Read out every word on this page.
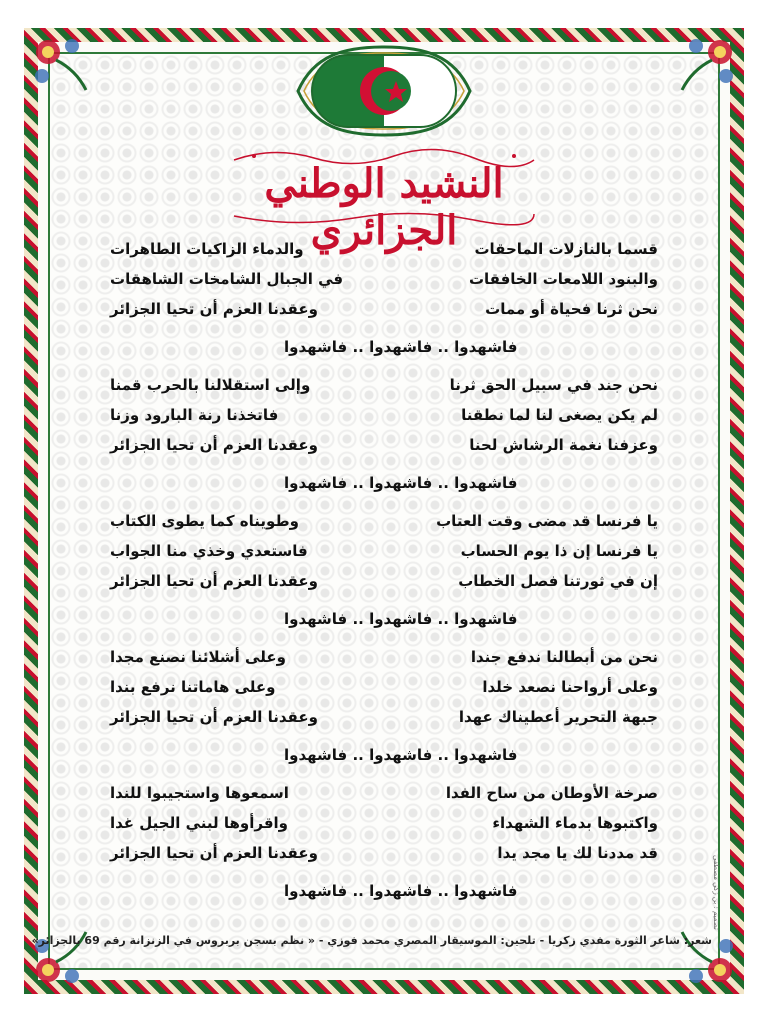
النشيد الوطني الجزائري	قسما بالنازلات الماحقات
والدماء الزاكيات الطاهرات
والبنود اللامعات الخافقات
في الجبال الشامخات الشاهقات
نحن ثرنا فحياة أو ممات
وعقدنا العزم أن تحيا الجزائر
فاشهدوا .. فاشهدوا .. فاشهدوا
نحن جند في سبيل الحق ثرنا
وإلى استقلالنا بالحرب قمنا
لم يكن يصغى لنا لما نطقنا
فاتخذنا رنة البارود وزنا
وعزفنا نغمة الرشاش لحنا
وعقدنا العزم أن تحيا الجزائر
فاشهدوا .. فاشهدوا .. فاشهدوا
يا فرنسا قد مضى وقت العتاب
وطويناه كما يطوى الكتاب
يا فرنسا إن ذا يوم الحساب
فاستعدي وخذي منا الجواب
إن في ثورتنا فصل الخطاب
وعقدنا العزم أن تحيا الجزائر
فاشهدوا .. فاشهدوا .. فاشهدوا
نحن من أبطالنا ندفع جندا
وعلى أشلائنا نصنع مجدا
وعلى أرواحنا نصعد خلدا
وعلى هاماتنا نرفع بندا
جبهة التحرير أعطيناك عهدا
وعقدنا العزم أن تحيا الجزائر
فاشهدوا .. فاشهدوا .. فاشهدوا
صرخة الأوطان من ساح الفدا
اسمعوها واستجيبوا للندا
واكتبوها بدماء الشهداء
واقرأوها لبني الجيل غدا
قد مددنا لك يا مجد يدا
وعقدنا العزم أن تحيا الجزائر
فاشهدوا .. فاشهدوا .. فاشهدوا
شعر: شاعر الثورة مفدي زكريا - تلحين: الموسيقار المصري محمد فوزي - « نظم بسجن بربروس في الزنزانة رقم 69 بالجزائر»
تصميم : بن زكي مصطفى
